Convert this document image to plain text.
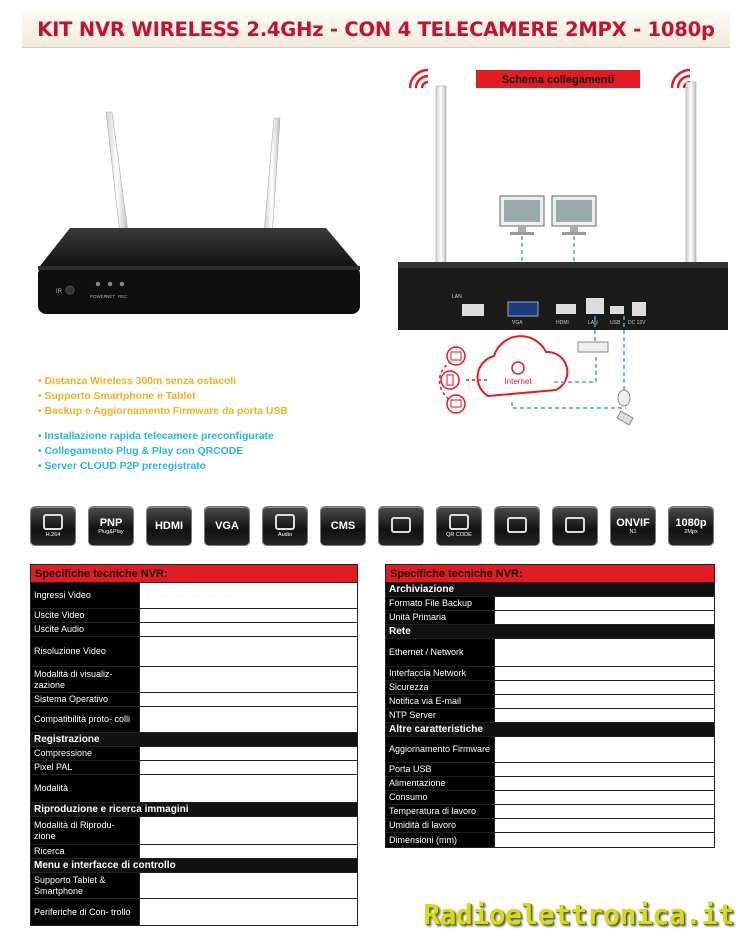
KIT NVR WIRELESS 2.4GHz - CON 4 TELECAMERE 2MPX - 1080p
IR
POWER
NET REC
Schema collegamenti
LAN
VGA	HDMI	LAN USB DC 12V
Internet
• Distanza Wireless 300m senza ostacoli
• Supporto Smartphone e Tablet
• Backup e Aggiornamento Firmware da porta USB
• Installazione rapida telecamere preconfigurate
• Collegamento Plug & Play con QRCODE
• Server CLOUD P2P preregistrato
H.264
PNP
Plug&Play	HDMI	VGA
Audio
CMS
QR CODE
ONVIF
N1
1080p
2Mpx
Specifiche tecniche NVR:
Ingressi Video	. . . . . .
Uscite Video
Uscite Audio
Risoluzione Video
Modalità di visualiz- zazione
Sistema Operativo
Compatibilità proto- colli
Registrazione
Compressione
Pixel PAL
Modalità
Riproduzione e ricerca immagini
Modalità di Riprodu- zione
Ricerca
Menu e interfacce di controllo
Supporto Tablet & Smartphone
Periferiche di Con- trollo
Specifiche tecniche NVR:
Archiviazione
Formato File Backup
Unità Primaria
Rete
Ethernet / Network
Interfaccia Network
Sicurezza
Notifica via E-mail
NTP Server
Altre caratteristiche
Aggiornamento Firmware
Porta USB
Alimentazione
Consumo
Temperatura di lavoro
Umidità di lavoro
Dimensioni (mm)
Radioelettronica.it
